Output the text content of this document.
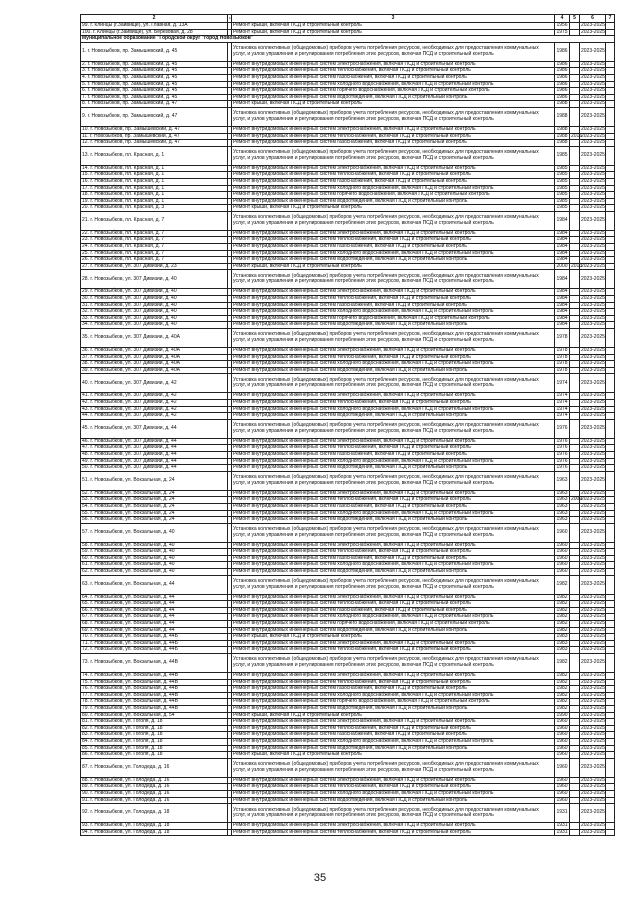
2	1	3	4	5	6	7
99. г. Клинцы (г.Зайвище), ул. Главная, д. 13А		Ремонт крыши, включая ПСД и строительный контроль	1956		2023-2025	
100. г. Клинцы (г.Зайвище), ул. Березовая, д. 28		Ремонт крыши, включая ПСД и строительный контроль	1975		2023-2025	
Муниципальное образование "Городской округ "город Новозыбков"						
1. г. Новозыбков, пр. Замышевский, д. 45		Установка коллективных (общедомовых) приборов учета потребления ресурсов, необходимых для предоставления коммунальных услуг, и узлов управления и регулирования потребления этих ресурсов, включая ПСД и строительный контроль	1986		2023-2025	
2. г. Новозыбков, пр. Замышевский, д. 45		Ремонт внутридомовых инженерных систем электроснабжения, включая ПСД и строительный контроль	1986		2023-2025	
3. г. Новозыбков, пр. Замышевский, д. 45		Ремонт внутридомовых инженерных систем теплоснабжения, включая ПСД и строительный контроль	1986		2023-2025	
4. г. Новозыбков, пр. Замышевский, д. 45		Ремонт внутридомовых инженерных систем газоснабжения, включая ПСД и строительный контроль	1986		2023-2025	
5. г. Новозыбков, пр. Замышевский, д. 45		Ремонт внутридомовых инженерных систем холодного водоснабжения, включая ПСД и строительный контроль	1986		2023-2025	
6. г. Новозыбков, пр. Замышевский, д. 45		Ремонт внутридомовых инженерных систем горячего водоснабжения, включая ПСД и строительный контроль	1986		2023-2025	
7. г. Новозыбков, пр. Замышевский, д. 45		Ремонт внутридомовых инженерных систем водоотведения, включая ПСД и строительный контроль	1986		2023-2025	
8. г. Новозыбков, пр. Замышевский, д. 47		Ремонт крыши, включая ПСД и строительный контроль	1988		2023-2025	
9. г. Новозыбков, пр. Замышевский, д. 47		Установка коллективных (общедомовых) приборов учета потребления ресурсов, необходимых для предоставления коммунальных услуг, и узлов управления и регулирования потребления этих ресурсов, включая ПСД и строительный контроль	1988		2023-2025	
10. г. Новозыбков, пр. Замышевский, д. 47		Ремонт внутридомовых инженерных систем электроснабжения, включая ПСД и строительный контроль	1988		2023-2025	
11. г. Новозыбков, пр. Замышевский, д. 47		Ремонт внутридомовых инженерных систем теплоснабжения, включая ПСД и строительный контроль	1988	2016	2023-2025	
12. г. Новозыбков, пр. Замышевский, д. 47		Ремонт внутридомовых инженерных систем газоснабжения, включая ПСД и строительный контроль	1988		2023-2025	
13. г. Новозыбков, пл. Красная, д. 1		Установка коллективных (общедомовых) приборов учета потребления ресурсов, необходимых для предоставления коммунальных услуг, и узлов управления и регулирования потребления этих ресурсов, включая ПСД и строительный контроль	1985		2023-2025	
14. г. Новозыбков, пл. Красная, д. 1		Ремонт внутридомовых инженерных систем электроснабжения, включая ПСД и строительный контроль	1985		2023-2025	
15. г. Новозыбков, пл. Красная, д. 1		Ремонт внутридомовых инженерных систем теплоснабжения, включая ПСД и строительный контроль	1985		2023-2025	
16. г. Новозыбков, пл. Красная, д. 1		Ремонт внутридомовых инженерных систем газоснабжения, включая ПСД и строительный контроль	1985		2023-2025	
17. г. Новозыбков, пл. Красная, д. 1		Ремонт внутридомовых инженерных систем холодного водоснабжения, включая ПСД и строительный контроль	1985		2023-2025	
18. г. Новозыбков, пл. Красная, д. 1		Ремонт внутридомовых инженерных систем горячего водоснабжения, включая ПСД и строительный контроль	1985		2023-2025	
19. г. Новозыбков, пл. Красная, д. 1		Ремонт внутридомовых инженерных систем водоотведения, включая ПСД и строительный контроль	1985		2023-2025	
20. г. Новозыбков, пл. Красная, д. 3		Ремонт крыши, включая ПСД и строительный контроль	1985		2023-2025	
21. г. Новозыбков, пл. Красная, д. 7		Установка коллективных (общедомовых) приборов учета потребления ресурсов, необходимых для предоставления коммунальных услуг, и узлов управления и регулирования потребления этих ресурсов, включая ПСД и строительный контроль	1984		2023-2025	
22. г. Новозыбков, пл. Красная, д. 7		Ремонт внутридомовых инженерных систем электроснабжения, включая ПСД и строительный контроль	1984		2023-2025	
23. г. Новозыбков, пл. Красная, д. 7		Ремонт внутридомовых инженерных систем теплоснабжения, включая ПСД и строительный контроль	1984		2023-2025	
24. г. Новозыбков, пл. Красная, д. 7		Ремонт внутридомовых инженерных систем газоснабжения, включая ПСД и строительный контроль	1984		2023-2025	
25. г. Новозыбков, пл. Красная, д. 7		Ремонт внутридомовых инженерных систем холодного водоснабжения, включая ПСД и строительный контроль	1984		2023-2025	
26. г. Новозыбков, пл. Красная, д. 7		Ремонт внутридомовых инженерных систем водоотведения, включая ПСД и строительный контроль	1984		2023-2025	
27. г. Новозыбков, ул. 307 Дивизии, д. 23		Ремонт крыши, включая ПСД и строительный контроль	2000	2013	2023-2025	
28. г. Новозыбков, ул. 307 Дивизии, д. 40		Установка коллективных (общедомовых) приборов учета потребления ресурсов, необходимых для предоставления коммунальных услуг, и узлов управления и регулирования потребления этих ресурсов, включая ПСД и строительный контроль	1984		2023-2025	
29. г. Новозыбков, ул. 307 Дивизии, д. 40		Ремонт внутридомовых инженерных систем электроснабжения, включая ПСД и строительный контроль	1984		2023-2025	
30. г. Новозыбков, ул. 307 Дивизии, д. 40		Ремонт внутридомовых инженерных систем теплоснабжения, включая ПСД и строительный контроль	1984		2023-2025	
31. г. Новозыбков, ул. 307 Дивизии, д. 40		Ремонт внутридомовых инженерных систем газоснабжения, включая ПСД и строительный контроль	1984		2023-2025	
32. г. Новозыбков, ул. 307 Дивизии, д. 40		Ремонт внутридомовых инженерных систем холодного водоснабжения, включая ПСД и строительный контроль	1984		2023-2025	
33. г. Новозыбков, ул. 307 Дивизии, д. 40		Ремонт внутридомовых инженерных систем горячего водоснабжения, включая ПСД и строительный контроль	1984		2023-2025	
34. г. Новозыбков, ул. 307 Дивизии, д. 40		Ремонт внутридомовых инженерных систем водоотведения, включая ПСД и строительный контроль	1984		2023-2025	
35. г. Новозыбков, ул. 307 Дивизии, д. 40А		Установка коллективных (общедомовых) приборов учета потребления ресурсов, необходимых для предоставления коммунальных услуг, и узлов управления и регулирования потребления этих ресурсов, включая ПСД и строительный контроль	1978		2023-2025	
36. г. Новозыбков, ул. 307 Дивизии, д. 40А		Ремонт внутридомовых инженерных систем электроснабжения, включая ПСД и строительный контроль	1978		2023-2025	
37. г. Новозыбков, ул. 307 Дивизии, д. 40А		Ремонт внутридомовых инженерных систем теплоснабжения, включая ПСД и строительный контроль	1978		2023-2025	
38. г. Новозыбков, ул. 307 Дивизии, д. 40А		Ремонт внутридомовых инженерных систем холодного водоснабжения, включая ПСД и строительный контроль	1978		2023-2025	
39. г. Новозыбков, ул. 307 Дивизии, д. 40А		Ремонт внутридомовых инженерных систем водоотведения, включая ПСД и строительный контроль	1978		2023-2025	
40. г. Новозыбков, ул. 307 Дивизии, д. 42		Установка коллективных (общедомовых) приборов учета потребления ресурсов, необходимых для предоставления коммунальных услуг, и узлов управления и регулирования потребления этих ресурсов, включая ПСД и строительный контроль	1974		2023-2025	
41. г. Новозыбков, ул. 307 Дивизии, д. 42		Ремонт внутридомовых инженерных систем электроснабжения, включая ПСД и строительный контроль	1974		2023-2025	
42. г. Новозыбков, ул. 307 Дивизии, д. 42		Ремонт внутридомовых инженерных систем теплоснабжения, включая ПСД и строительный контроль	1974		2023-2025	
43. г. Новозыбков, ул. 307 Дивизии, д. 42		Ремонт внутридомовых инженерных систем холодного водоснабжения, включая ПСД и строительный контроль	1974		2023-2025	
44. г. Новозыбков, ул. 307 Дивизии, д. 42		Ремонт внутридомовых инженерных систем водоотведения, включая ПСД и строительный контроль	1974		2023-2025	
45. г. Новозыбков, ул. 307 Дивизии, д. 44		Установка коллективных (общедомовых) приборов учета потребления ресурсов, необходимых для предоставления коммунальных услуг, и узлов управления и регулирования потребления этих ресурсов, включая ПСД и строительный контроль	1976		2023-2025	
46. г. Новозыбков, ул. 307 Дивизии, д. 44		Ремонт внутридомовых инженерных систем электроснабжения, включая ПСД и строительный контроль	1976		2023-2025	
47. г. Новозыбков, ул. 307 Дивизии, д. 44		Ремонт внутридомовых инженерных систем теплоснабжения, включая ПСД и строительный контроль	1976		2023-2025	
48. г. Новозыбков, ул. 307 Дивизии, д. 44		Ремонт внутридомовых инженерных систем газоснабжения, включая ПСД и строительный контроль	1976		2023-2025	
49. г. Новозыбков, ул. 307 Дивизии, д. 44		Ремонт внутридомовых инженерных систем холодного водоснабжения, включая ПСД и строительный контроль	1976		2023-2025	
50. г. Новозыбков, ул. 307 Дивизии, д. 44		Ремонт внутридомовых инженерных систем водоотведения, включая ПСД и строительный контроль	1976		2023-2025	
51. г. Новозыбков, ул. Вокзальная, д. 24		Установка коллективных (общедомовых) приборов учета потребления ресурсов, необходимых для предоставления коммунальных услуг, и узлов управления и регулирования потребления этих ресурсов, включая ПСД и строительный контроль	1963		2023-2025	
52. г. Новозыбков, ул. Вокзальная, д. 24		Ремонт внутридомовых инженерных систем электроснабжения, включая ПСД и строительный контроль	1963		2023-2025	
53. г. Новозыбков, ул. Вокзальная, д. 24		Ремонт внутридомовых инженерных систем теплоснабжения, включая ПСД и строительный контроль	1963	2009	2023-2025	
54. г. Новозыбков, ул. Вокзальная, д. 24		Ремонт внутридомовых инженерных систем газоснабжения, включая ПСД и строительный контроль	1963		2023-2025	
55. г. Новозыбков, ул. Вокзальная, д. 24		Ремонт внутридомовых инженерных систем холодного водоснабжения, включая ПСД и строительный контроль	1963		2023-2025	
56. г. Новозыбков, ул. Вокзальная, д. 24		Ремонт внутридомовых инженерных систем водоотведения, включая ПСД и строительный контроль	1963		2023-2025	
57. г. Новозыбков, ул. Вокзальная, д. 40		Установка коллективных (общедомовых) приборов учета потребления ресурсов, необходимых для предоставления коммунальных услуг, и узлов управления и регулирования потребления этих ресурсов, включая ПСД и строительный контроль	1960		2023-2025	
58. г. Новозыбков, ул. Вокзальная, д. 40		Ремонт внутридомовых инженерных систем электроснабжения, включая ПСД и строительный контроль	1960		2023-2025	
59. г. Новозыбков, ул. Вокзальная, д. 40		Ремонт внутридомовых инженерных систем теплоснабжения, включая ПСД и строительный контроль	1960		2023-2025	
60. г. Новозыбков, ул. Вокзальная, д. 40		Ремонт внутридомовых инженерных систем газоснабжения, включая ПСД и строительный контроль	1960		2023-2025	
61. г. Новозыбков, ул. Вокзальная, д. 40		Ремонт внутридомовых инженерных систем холодного водоснабжения, включая ПСД и строительный контроль	1960		2023-2025	
62. г. Новозыбков, ул. Вокзальная, д. 40		Ремонт внутридомовых инженерных систем водоотведения, включая ПСД и строительный контроль	1960		2023-2025	
63. г. Новозыбков, ул. Вокзальная, д. 44		Установка коллективных (общедомовых) приборов учета потребления ресурсов, необходимых для предоставления коммунальных услуг, и узлов управления и регулирования потребления этих ресурсов, включая ПСД и строительный контроль	1982		2023-2025	
64. г. Новозыбков, ул. Вокзальная, д. 44		Ремонт внутридомовых инженерных систем электроснабжения, включая ПСД и строительный контроль	1982		2023-2025	
65. г. Новозыбков, ул. Вокзальная, д. 44		Ремонт внутридомовых инженерных систем теплоснабжения, включая ПСД и строительный контроль	1982		2023-2025	
66. г. Новозыбков, ул. Вокзальная, д. 44		Ремонт внутридомовых инженерных систем газоснабжения, включая ПСД и строительный контроль	1982		2023-2025	
67. г. Новозыбков, ул. Вокзальная, д. 44		Ремонт внутридомовых инженерных систем холодного водоснабжения, включая ПСД и строительный контроль	1982		2023-2025	
68. г. Новозыбков, ул. Вокзальная, д. 44		Ремонт внутридомовых инженерных систем горячего водоснабжения, включая ПСД и строительный контроль	1982		2023-2025	
69. г. Новозыбков, ул. Вокзальная, д. 44		Ремонт внутридомовых инженерных систем водоотведения, включая ПСД и строительный контроль	1982		2023-2025	
70. г. Новозыбков, ул. Вокзальная, д. 44Б		Ремонт крыши, включая ПСД и строительный контроль	1983		2023-2025	
71. г. Новозыбков, ул. Вокзальная, д. 44Б		Ремонт внутридомовых инженерных систем электроснабжения, включая ПСД и строительный контроль	1983		2023-2025	
72. г. Новозыбков, ул. Вокзальная, д. 44Б		Ремонт внутридомовых инженерных систем теплоснабжения, включая ПСД и строительный контроль	1983		2023-2025	
73. г. Новозыбков, ул. Вокзальная, д. 44В		Установка коллективных (общедомовых) приборов учета потребления ресурсов, необходимых для предоставления коммунальных услуг, и узлов управления и регулирования потребления этих ресурсов, включая ПСД и строительный контроль	1982		2023-2025	
74. г. Новозыбков, ул. Вокзальная, д. 44В		Ремонт внутридомовых инженерных систем электроснабжения, включая ПСД и строительный контроль	1982		2023-2025	
75. г. Новозыбков, ул. Вокзальная, д. 44В		Ремонт внутридомовых инженерных систем теплоснабжения, включая ПСД и строительный контроль	1982		2023-2025	
76. г. Новозыбков, ул. Вокзальная, д. 44В		Ремонт внутридомовых инженерных систем газоснабжения, включая ПСД и строительный контроль	1982		2023-2025	
77. г. Новозыбков, ул. Вокзальная, д. 44В		Ремонт внутридомовых инженерных систем холодного водоснабжения, включая ПСД и строительный контроль	1982		2023-2025	
78. г. Новозыбков, ул. Вокзальная, д. 44В		Ремонт внутридомовых инженерных систем горячего водоснабжения, включая ПСД и строительный контроль	1982		2023-2025	
79. г. Новозыбков, ул. Вокзальная, д. 44В		Ремонт внутридомовых инженерных систем водоотведения, включая ПСД и строительный контроль	1982		2023-2025	
80. г. Новозыбков, ул. Вокзальная, д. 54		Ремонт крыши, включая ПСД и строительный контроль	1990		2023-2025	
81. г. Новозыбков, ул. Гоголя, д. 18		Ремонт внутридомовых инженерных систем электроснабжения, включая ПСД и строительный контроль	1960		2023-2025	
82. г. Новозыбков, ул. Гоголя, д. 18		Ремонт внутридомовых инженерных систем теплоснабжения, включая ПСД и строительный контроль	1960		2023-2025	
83. г. Новозыбков, ул. Гоголя, д. 18		Ремонт внутридомовых инженерных систем газоснабжения, включая ПСД и строительный контроль	1960		2023-2025	
84. г. Новозыбков, ул. Гоголя, д. 18		Ремонт внутридомовых инженерных систем холодного водоснабжения, включая ПСД и строительный контроль	1960		2023-2025	
85. г. Новозыбков, ул. Гоголя, д. 18		Ремонт внутридомовых инженерных систем водоотведения, включая ПСД и строительный контроль	1960		2023-2025	
86. г. Новозыбков, ул. Гоголя, д. 18		Ремонт крыши, включая ПСД и строительный контроль	1960		2023-2025	
87. г. Новозыбков, ул. Голодеда, д. 16		Установка коллективных (общедомовых) приборов учета потребления ресурсов, необходимых для предоставления коммунальных услуг, и узлов управления и регулирования потребления этих ресурсов, включая ПСД и строительный контроль	1960		2023-2025	
88. г. Новозыбков, ул. Голодеда, д. 16		Ремонт внутридомовых инженерных систем электроснабжения, включая ПСД и строительный контроль	1960		2023-2025	
89. г. Новозыбков, ул. Голодеда, д. 16		Ремонт внутридомовых инженерных систем теплоснабжения, включая ПСД и строительный контроль	1960		2023-2025	
90. г. Новозыбков, ул. Голодеда, д. 16		Ремонт внутридомовых инженерных систем холодного водоснабжения, включая ПСД и строительный контроль	1960		2023-2025	
91. г. Новозыбков, ул. Голодеда, д. 16		Ремонт внутридомовых инженерных систем водоотведения, включая ПСД и строительный контроль	1960		2023-2025	
92. г. Новозыбков, ул. Голодеда, д. 18		Установка коллективных (общедомовых) приборов учета потребления ресурсов, необходимых для предоставления коммунальных услуг, и узлов управления и регулирования потребления этих ресурсов, включая ПСД и строительный контроль	1931		2023-2025	
93. г. Новозыбков, ул. Голодеда, д. 18		Ремонт внутридомовых инженерных систем электроснабжения, включая ПСД и строительный контроль	1931		2023-2025	
94. г. Новозыбков, ул. Голодеда, д. 18		Ремонт внутридомовых инженерных систем теплоснабжения, включая ПСД и строительный контроль	1931		2023-2025	
35
